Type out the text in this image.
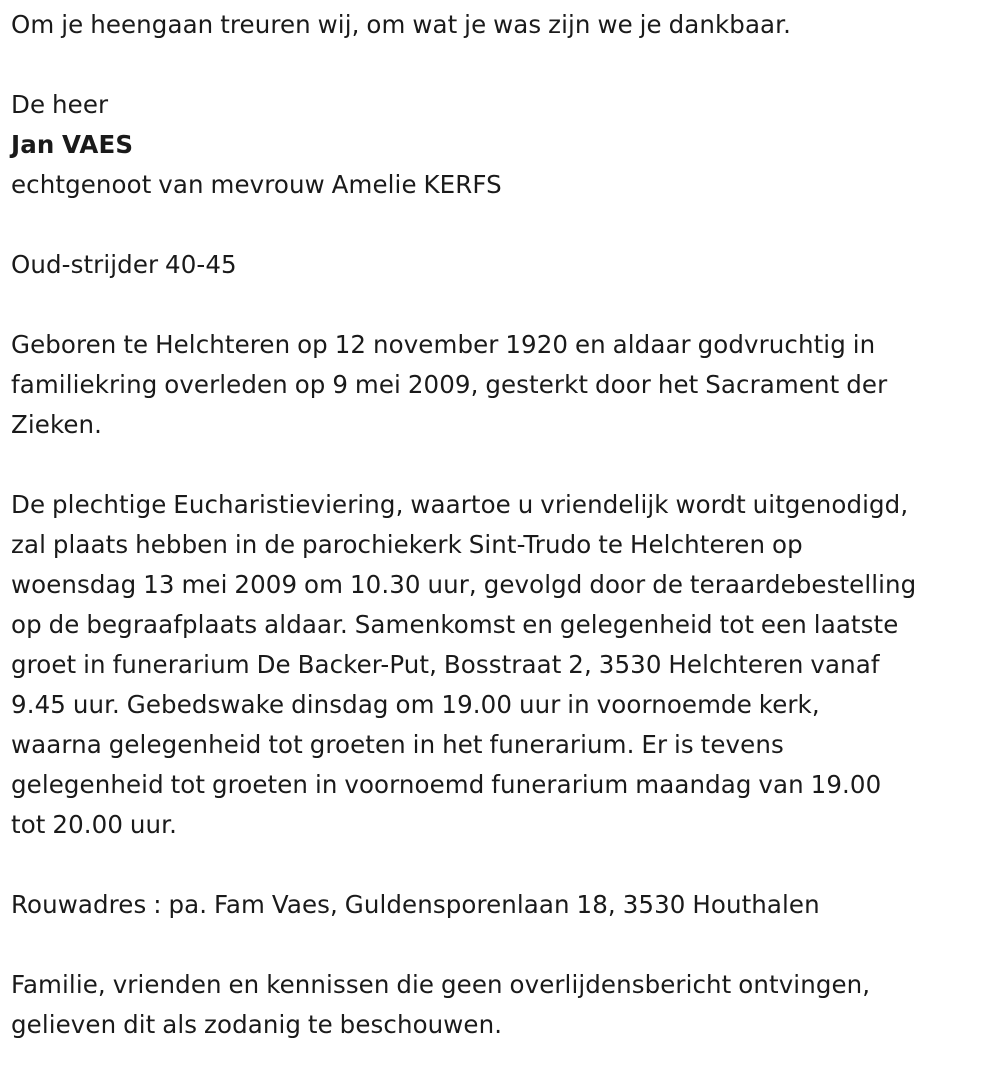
Om je heengaan treuren wij, om wat je was zijn we je dankbaar.
De heer
Jan VAES
echtgenoot van mevrouw Amelie KERFS
Oud-strijder 40-45
Geboren te Helchteren op 12 november 1920 en aldaar godvruchtig in
familiekring overleden op 9 mei 2009, gesterkt door het Sacrament der
Zieken.
De plechtige Eucharistieviering, waartoe u vriendelijk wordt uitgenodigd,
zal plaats hebben in de parochiekerk Sint-Trudo te Helchteren op
woensdag 13 mei 2009 om 10.30 uur, gevolgd door de teraardebestelling
op de begraafplaats aldaar. Samenkomst en gelegenheid tot een laatste
groet in funerarium De Backer-Put, Bosstraat 2, 3530 Helchteren vanaf
9.45 uur. Gebedswake dinsdag om 19.00 uur in voornoemde kerk,
waarna gelegenheid tot groeten in het funerarium. Er is tevens
gelegenheid tot groeten in voornoemd funerarium maandag van 19.00
tot 20.00 uur.
Rouwadres : pa. Fam Vaes, Guldensporenlaan 18, 3530 Houthalen
Familie, vrienden en kennissen die geen overlijdensbericht ontvingen,
gelieven dit als zodanig te beschouwen.
